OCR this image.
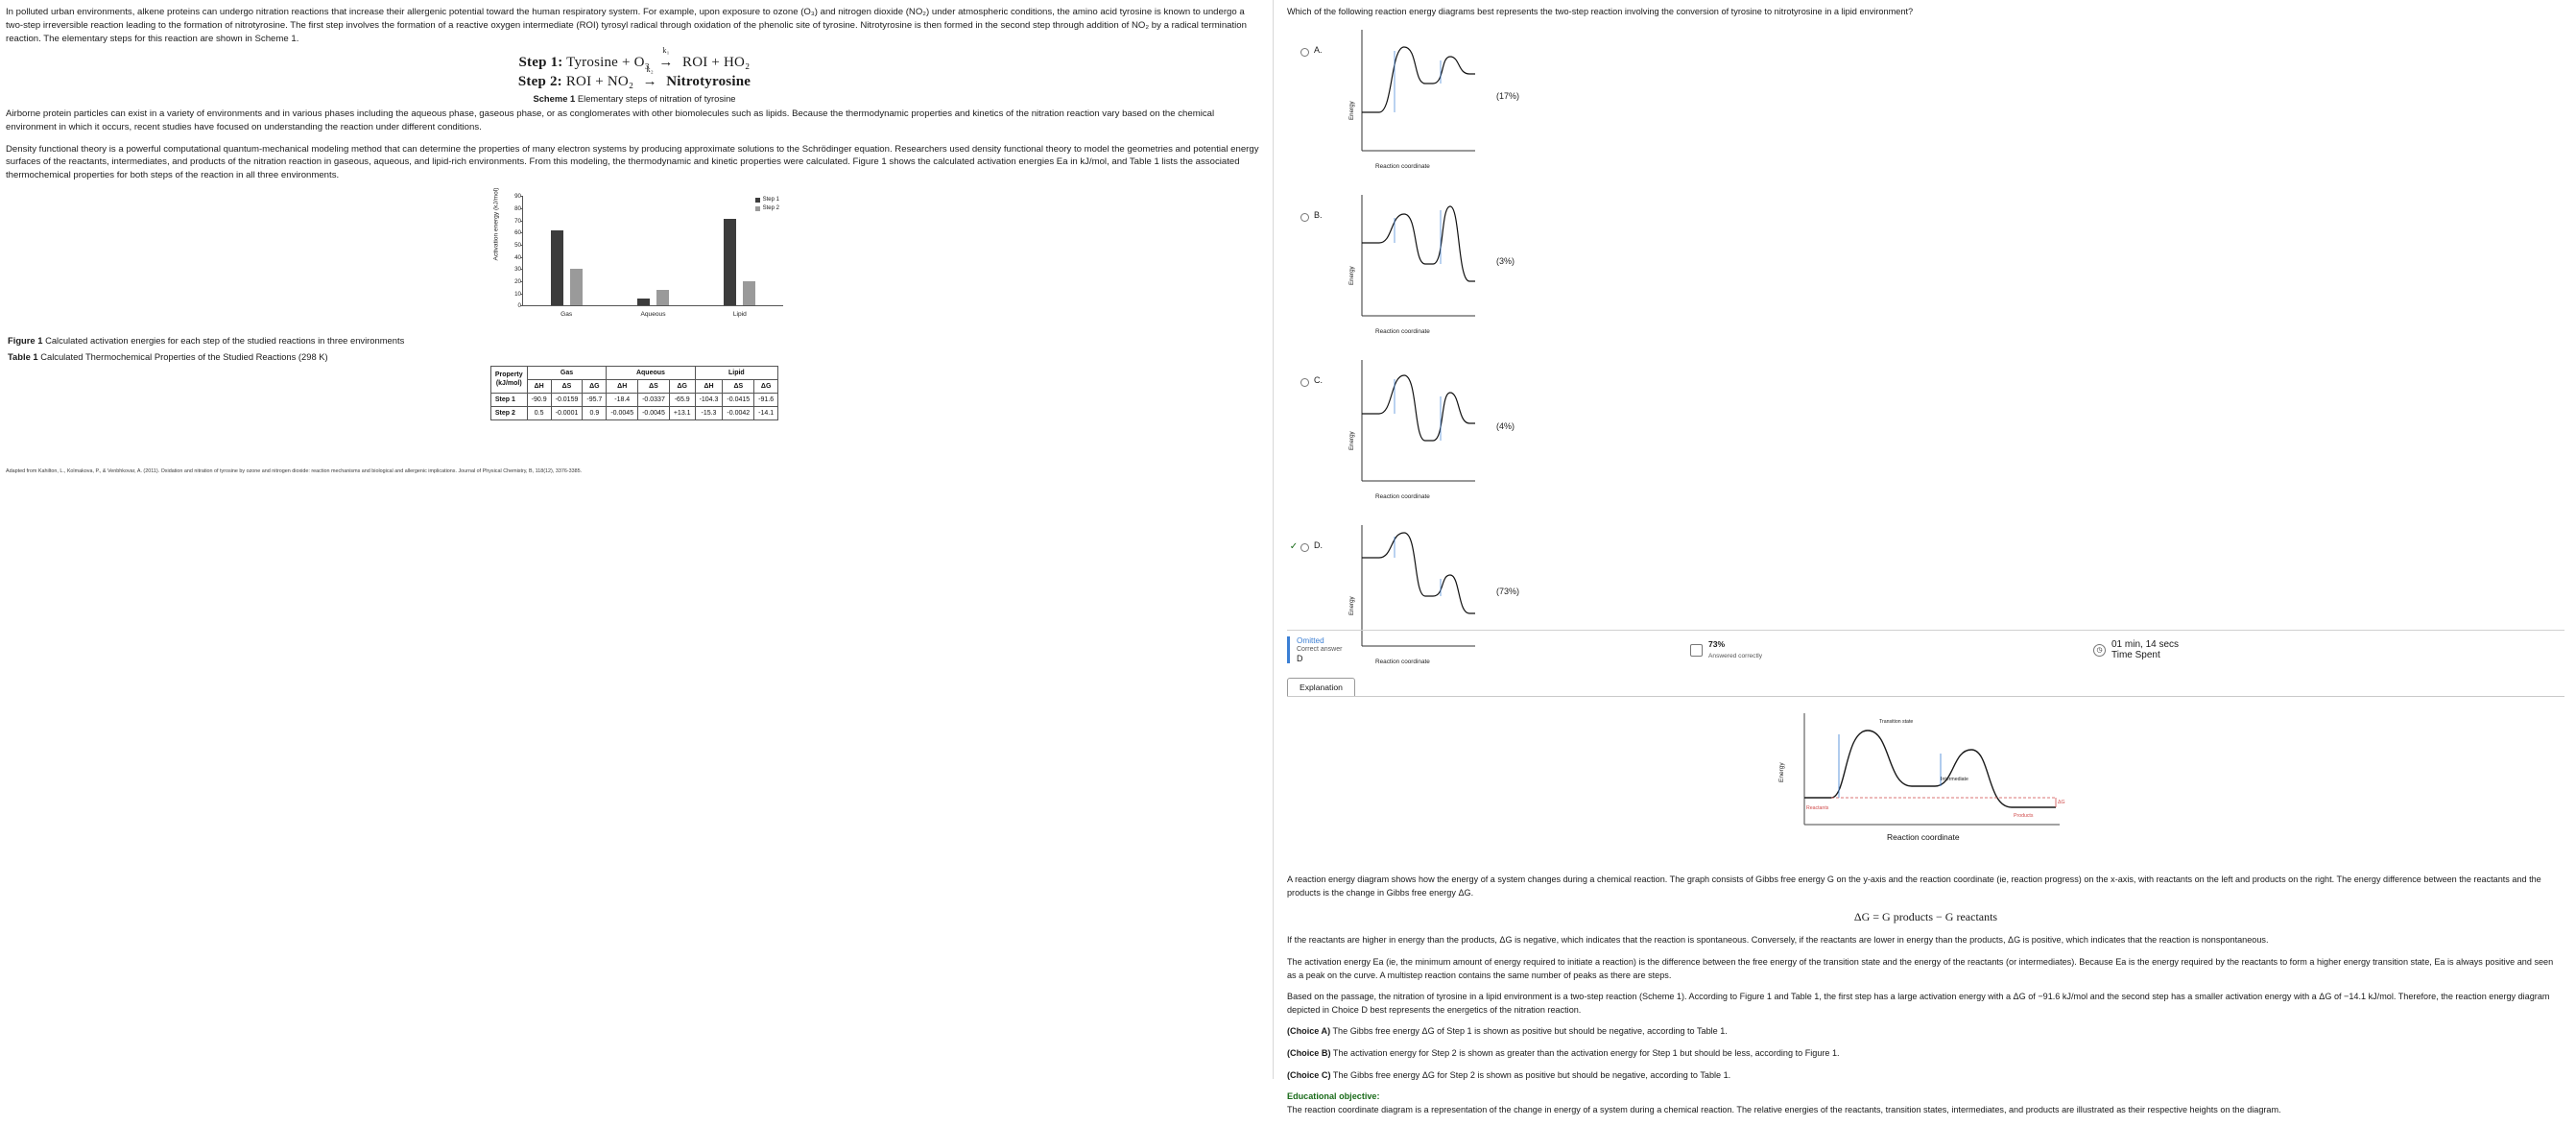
In polluted urban environments, alkene proteins can undergo nitration reactions that increase their allergenic potential toward the human respiratory system. For example, upon exposure to ozone (O₃) and nitrogen dioxide (NO₂) under atmospheric conditions, the amino acid tyrosine is known to undergo a two-step irreversible reaction leading to the formation of nitrotyrosine. The first step involves the formation of a reactive oxygen intermediate (ROI) tyrosyl radical through oxidation of the phenolic site of tyrosine. Nitrotyrosine is then formed in the second step through addition of NO₂ by a radical termination reaction. The elementary steps for this reaction are shown in Scheme 1.

Step 1: Tyrosine + O₃
k₁
→ ROI + HO₂
Step 2: ROI + NO₂
k₂
→ Nitrotyrosine
Scheme 1 Elementary steps of nitration of tyrosine

Airborne protein particles can exist in a variety of environments and in various phases including the aqueous phase, gaseous phase, or as conglomerates with other biomolecules such as lipids. Because the thermodynamic properties and kinetics of the nitration reaction vary based on the chemical environment in which it occurs, recent studies have focused on understanding the reaction under different conditions.

Density functional theory is a powerful computational quantum-mechanical modeling method that can determine the properties of many electron systems by producing approximate solutions to the Schrödinger equation. Researchers used density functional theory to model the geometries and potential energy surfaces of the reactants, intermediates, and products of the nitration reaction in gaseous, aqueous, and lipid-rich environments. From this modeling, the thermodynamic and kinetic properties were calculated. Figure 1 shows the calculated activation energies Ea in kJ/mol, and Table 1 lists the associated thermochemical properties for both steps of the reaction in all three environments.

Activation energy (kJ/mol)
Gas	Aqueous	Lipid
0
10
20
30
40
50
60
70
80
90	Step 1
Step 2
Figure 1 Calculated activation energies for each step of the studied reactions in three environments
Table 1 Calculated Thermochemical Properties of the Studied Reactions (298 K)
Property
(kJ/mol)	Gas			Aqueous			Lipid		
	ΔH	ΔS	ΔG	ΔH	ΔS	ΔG	ΔH	ΔS	ΔG
Step 1	-90.9	-0.0159	-95.7	-18.4	-0.0337	-65.9	-104.3	-0.0415	-91.6
Step 2	0.5	-0.0001	0.9	-0.0045	-0.0045	+13.1	-15.3	-0.0042	-14.1
Adapted from Kahilton, L., Kolmakova, P., & Venbhkovar, A. (2011). Oxidation and nitration of tyrosine by ozone and nitrogen dioxide: reaction mechanisms and biological and allergenic implications. Journal of Physical Chemistry, B, 118(12), 3376-3385.
Which of the following reaction energy diagrams best represents the two-step reaction involving the conversion of tyrosine to nitrotyrosine in a lipid environment?
A.
Energy
Reaction coordinate
(17%)
B.
Energy
Reaction coordinate
(3%)
C.
Energy
Reaction coordinate
(4%)
✓	D.
Energy
Reaction coordinate
(73%)
Omitted
Correct answer
D
73%
Answered correctly
◷
01 min, 14 secs
Time Spent
Explanation
Transition state
Intermediate
Reactants
Products
ΔG
Energy
Reaction coordinate

A reaction energy diagram shows how the energy of a system changes during a chemical reaction. The graph consists of Gibbs free energy G on the y-axis and the reaction coordinate (ie, reaction progress) on the x-axis, with reactants on the left and products on the right. The energy difference between the reactants and the products is the change in Gibbs free energy ΔG.

ΔG = G products − G reactants

If the reactants are higher in energy than the products, ΔG is negative, which indicates that the reaction is spontaneous. Conversely, if the reactants are lower in energy than the products, ΔG is positive, which indicates that the reaction is nonspontaneous.

The activation energy Ea (ie, the minimum amount of energy required to initiate a reaction) is the difference between the free energy of the transition state and the energy of the reactants (or intermediates). Because Ea is the energy required by the reactants to form a higher energy transition state, Ea is always positive and seen as a peak on the curve. A multistep reaction contains the same number of peaks as there are steps.

Based on the passage, the nitration of tyrosine in a lipid environment is a two-step reaction (Scheme 1). According to Figure 1 and Table 1, the first step has a large activation energy with a ΔG of −91.6 kJ/mol and the second step has a smaller activation energy with a ΔG of −14.1 kJ/mol. Therefore, the reaction energy diagram depicted in Choice D best represents the energetics of the nitration reaction.

(Choice A) The Gibbs free energy ΔG of Step 1 is shown as positive but should be negative, according to Table 1.

(Choice B) The activation energy for Step 2 is shown as greater than the activation energy for Step 1 but should be less, according to Figure 1.

(Choice C) The Gibbs free energy ΔG for Step 2 is shown as positive but should be negative, according to Table 1.

Educational objective:
The reaction coordinate diagram is a representation of the change in energy of a system during a chemical reaction. The relative energies of the reactants, transition states, intermediates, and products are illustrated as their respective heights on the diagram.
